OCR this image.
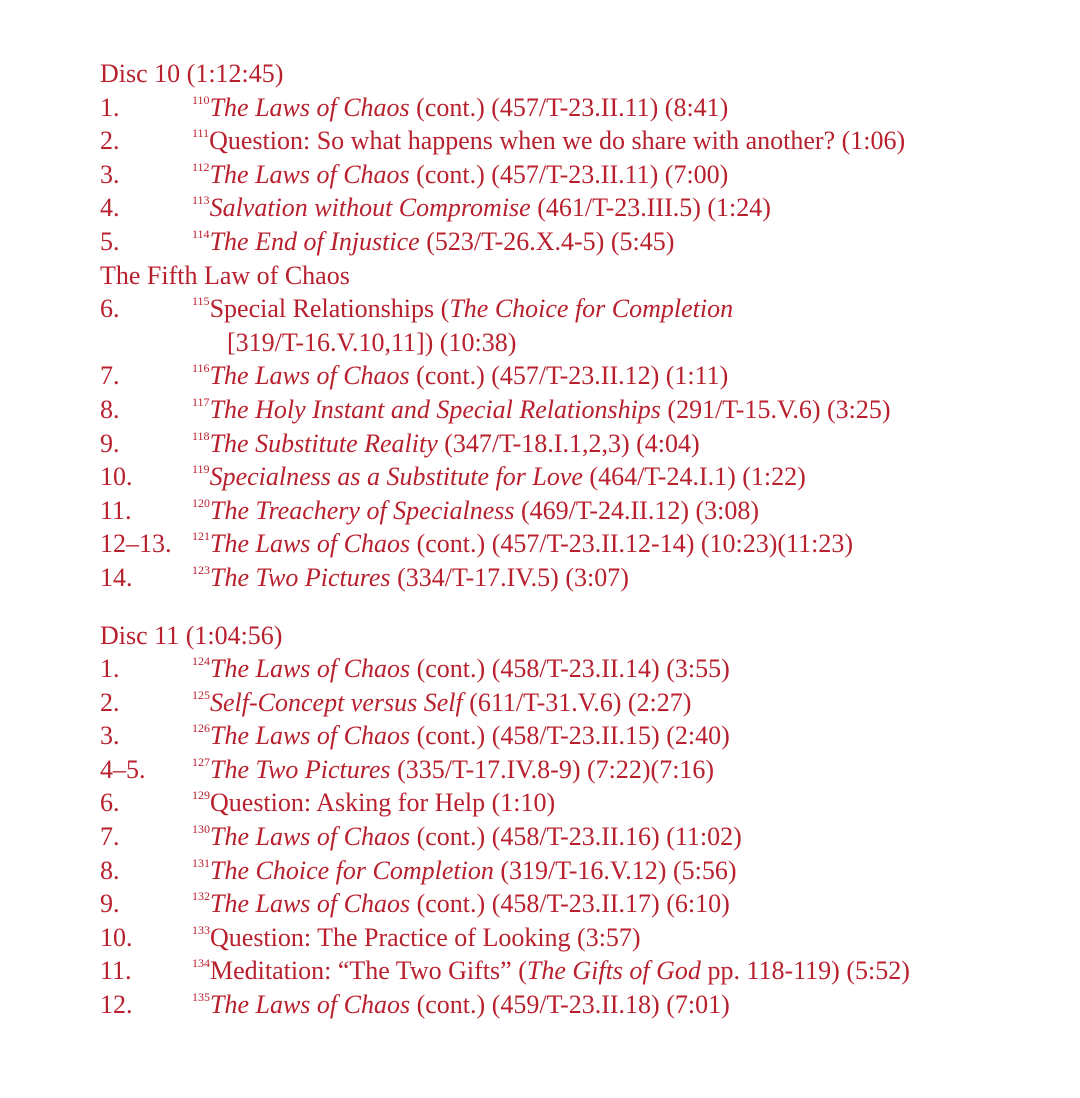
Disc 10 (1:12:45)
1.	$^{110}$The Laws of Chaos (cont.) (457/T-23.II.11) (8:41)
2.	$^{111}$Question: So what happens when we do share with another? (1:06)
3.	$^{112}$The Laws of Chaos (cont.) (457/T-23.II.11) (7:00)
4.	$^{113}$Salvation without Compromise (461/T-23.III.5) (1:24)
5.	$^{114}$The End of Injustice (523/T-26.X.4-5) (5:45)
The Fifth Law of Chaos
6.	$^{115}$Special Relationships (The Choice for Completion
[319/T-16.V.10,11]) (10:38)
7.	$^{116}$The Laws of Chaos (cont.) (457/T-23.II.12) (1:11)
8.	$^{117}$The Holy Instant and Special Relationships (291/T-15.V.6) (3:25)
9.	$^{118}$The Substitute Reality (347/T-18.I.1,2,3) (4:04)
10.	$^{119}$Specialness as a Substitute for Love (464/T-24.I.1) (1:22)
11.	$^{120}$The Treachery of Specialness (469/T-24.II.12) (3:08)
12–13. $^{121}$The Laws of Chaos (cont.) (457/T-23.II.12-14) (10:23)(11:23)
14.	$^{123}$The Two Pictures (334/T-17.IV.5) (3:07)
Disc 11 (1:04:56)
1.	$^{124}$The Laws of Chaos (cont.) (458/T-23.II.14) (3:55)
2.	$^{125}$Self-Concept versus Self (611/T-31.V.6) (2:27)
3.	$^{126}$The Laws of Chaos (cont.) (458/T-23.II.15) (2:40)
4–5.	$^{127}$The Two Pictures (335/T-17.IV.8-9) (7:22)(7:16)
6.	$^{129}$Question: Asking for Help (1:10)
7.	$^{130}$The Laws of Chaos (cont.) (458/T-23.II.16) (11:02)
8.	$^{131}$The Choice for Completion (319/T-16.V.12) (5:56)
9.	$^{132}$The Laws of Chaos (cont.) (458/T-23.II.17) (6:10)
10.	$^{133}$Question: The Practice of Looking (3:57)
11.	$^{134}$Meditation: “The Two Gifts” (The Gifts of God pp. 118-119) (5:52)
12.	$^{135}$The Laws of Chaos (cont.) (459/T-23.II.18) (7:01)
